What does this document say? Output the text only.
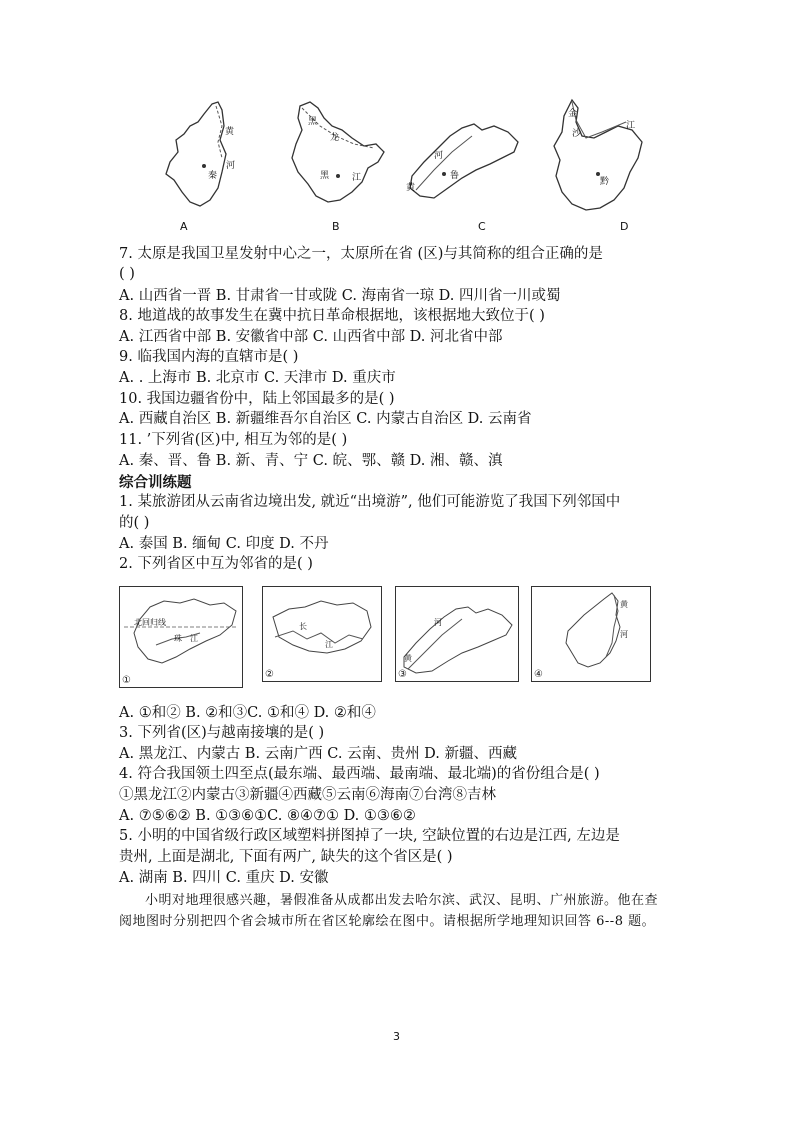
黄
秦
河
A
黑
龙
黑	江
B
河
鲁
黄
C
金
江
沙
黔
D
7. 太原是我国卫星发射中心之一，太原所在省 (区)与其简称的组合正确的是
( )
A. 山西省一晋 B. 甘肃省一甘或陇 C. 海南省一琼 D. 四川省一川或蜀
8. 地道战的故事发生在冀中抗日革命根据地，该根据地大致位于( )
A. 江西省中部 B. 安徽省中部 C. 山西省中部 D. 河北省中部
9. 临我国内海的直辖市是( )
A. . 上海市 B. 北京市 C. 天津市 D. 重庆市
10. 我国边疆省份中，陆上邻国最多的是( )
A. 西藏自治区 B. 新疆维吾尔自治区 C. 内蒙古自治区 D. 云南省
11. ’下列省(区)中, 相互为邻的是( )
A. 秦、晋、鲁 B. 新、青、宁 C. 皖、鄂、赣 D. 湘、赣、滇
综合训练题
1. 某旅游团从云南省边境出发, 就近“出境游”, 他们可能游览了我国下列邻国中
的( )
A. 泰国 B. 缅甸 C. 印度 D. 不丹
2. 下列省区中互为邻省的是( )
北回归线
珠 江
①
长
江
②
河
黄
③
黄
河
④
A. ①和② B. ②和③C. ①和④ D. ②和④
3. 下列省(区)与越南接壤的是( )
A. 黑龙江、内蒙古 B. 云南广西 C. 云南、贵州 D. 新疆、西藏
4. 符合我国领土四至点(最东端、最西端、最南端、最北端)的省份组合是( )
①黑龙江②内蒙古③新疆④西藏⑤云南⑥海南⑦台湾⑧吉林
A. ⑦⑤⑥② B. ①③⑥①C. ⑧④⑦① D. ①③⑥②
5. 小明的中国省级行政区域塑料拼图掉了一块, 空缺位置的右边是江西, 左边是
贵州, 上面是湖北, 下面有两广, 缺失的这个省区是( )
A. 湖南 B. 四川 C. 重庆 D. 安徽
小明对地理很感兴趣，暑假准备从成都出发去哈尔滨、武汉、昆明、广州旅游。他在查
阅地图时分别把四个省会城市所在省区轮廓绘在图中。请根据所学地理知识回答 6--8 题。
3
